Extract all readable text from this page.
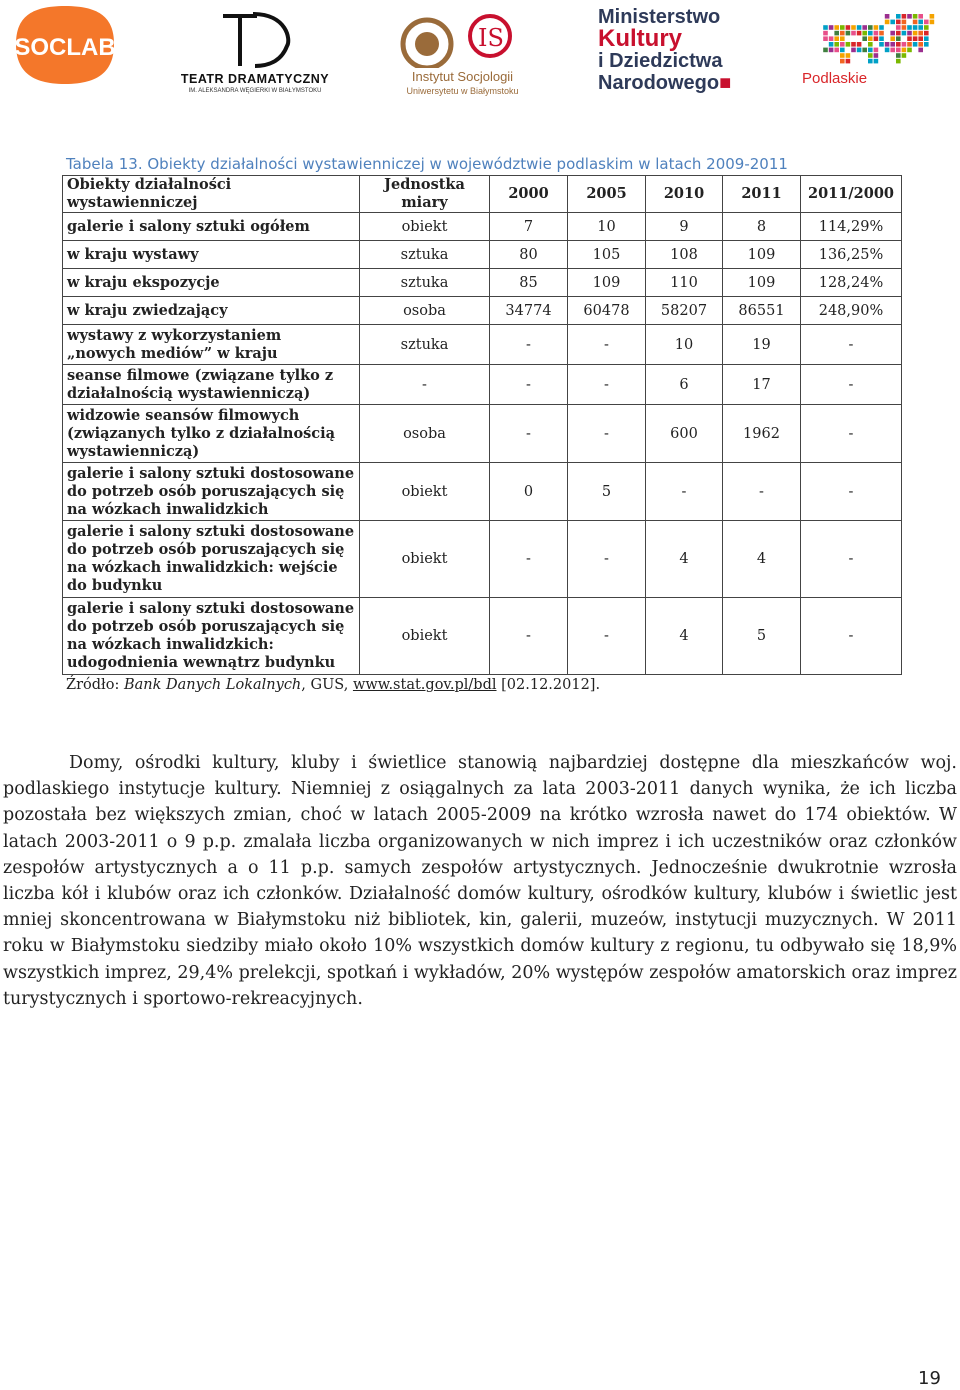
SOCLAB
TEATR DRAMATYCZNY
IM. ALEKSANDRA WĘGIERKI W BIAŁYMSTOKU
IS
Instytut Socjologii
Uniwersytetu w Białymstoku
Ministerstwo
Kultury
i Dziedzictwa
Narodowego■	Podlaskie
Tabela 13. Obiekty działalności wystawienniczej w województwie podlaskim w latach 2009-2011
Obiekty działalności wystawienniczej	Jednostka miary	2000	2005	2010	2011	2011/2000
galerie i salony sztuki ogółem	obiekt	7	10	9	8	114,29%
w kraju wystawy	sztuka	80	105	108	109	136,25%
w kraju ekspozycje	sztuka	85	109	110	109	128,24%
w kraju zwiedzający	osoba	34774	60478	58207	86551	248,90%
wystawy z wykorzystaniem „nowych mediów” w kraju	sztuka	-	-	10	19	-
seanse filmowe (związane tylko z działalnością wystawienniczą)	-	-	-	6	17	-
widzowie seansów filmowych (związanych tylko z działalnością wystawienniczą)	osoba	-	-	600	1962	-
galerie i salony sztuki dostosowane do potrzeb osób poruszających się na wózkach inwalidzkich	obiekt	0	5	-	-	-
galerie i salony sztuki dostosowane do potrzeb osób poruszających się na wózkach inwalidzkich: wejście do budynku	obiekt	-	-	4	4	-
galerie i salony sztuki dostosowane do potrzeb osób poruszających się na wózkach inwalidzkich: udogodnienia wewnątrz budynku	obiekt	-	-	4	5	-
Źródło: Bank Danych Lokalnych, GUS, www.stat.gov.pl/bdl [02.12.2012].

Domy, ośrodki kultury, kluby i świetlice stanowią najbardziej dostępne dla mieszkańców woj. podlaskiego instytucje kultury. Niemniej z osiągalnych za lata 2003-2011 danych wynika, że ich liczba pozostała bez większych zmian, choć w latach 2005-2009 na krótko wzrosła nawet do 174 obiektów. W latach 2003-2011 o 9 p.p. zmalała liczba organizowanych w nich imprez i ich uczestników oraz członków zespołów artystycznych a o 11 p.p. samych zespołów artystycznych. Jednocześnie dwukrotnie wzrosła liczba kół i klubów oraz ich członków. Działalność domów kultury, ośrodków kultury, klubów i świetlic jest mniej skoncentrowana w Białymstoku niż bibliotek, kin, galerii, muzeów, instytucji muzycznych. W 2011 roku w Białymstoku siedziby miało około 10% wszystkich domów kultury z regionu, tu odbywało się 18,9% wszystkich imprez, 29,4% prelekcji, spotkań i wykładów, 20% występów zespołów amatorskich oraz imprez turystycznych i sportowo-rekreacyjnych.

19
